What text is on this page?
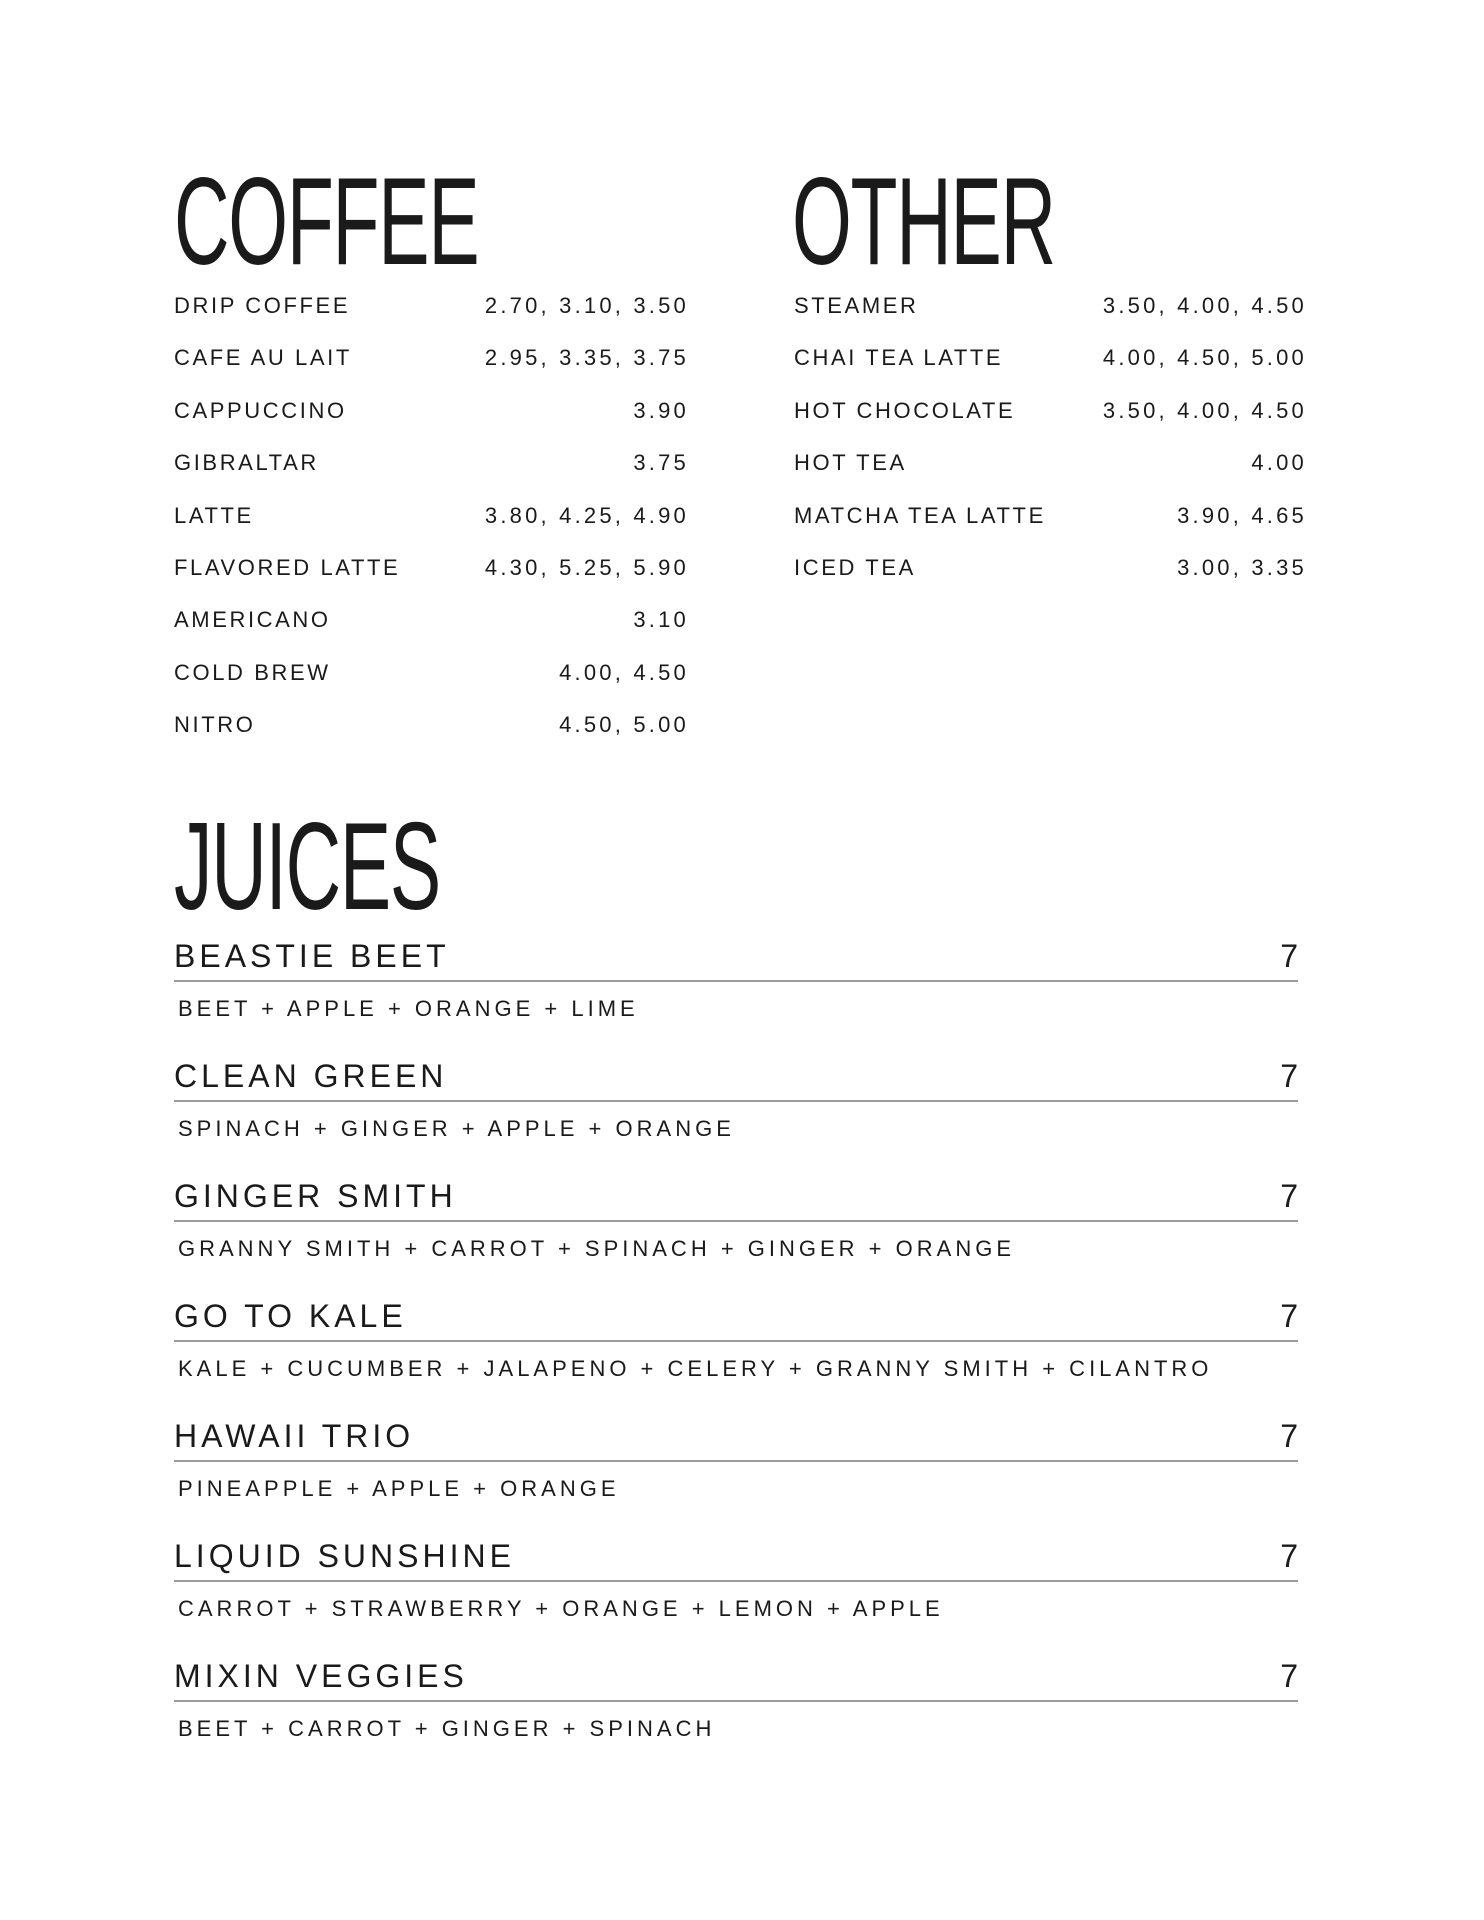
COFFEE
DRIP COFFEE	2.70, 3.10, 3.50
CAFE AU LAIT	2.95, 3.35, 3.75
CAPPUCCINO	3.90
GIBRALTAR	3.75
LATTE	3.80, 4.25, 4.90
FLAVORED LATTE	4.30, 5.25, 5.90
AMERICANO	3.10
COLD BREW	4.00, 4.50
NITRO	4.50, 5.00
OTHER
STEAMER	3.50, 4.00, 4.50
CHAI TEA LATTE	4.00, 4.50, 5.00
HOT CHOCOLATE	3.50, 4.00, 4.50
HOT TEA	4.00
MATCHA TEA LATTE	3.90, 4.65
ICED TEA	3.00, 3.35
JUICES
BEASTIE BEET	7
BEET + APPLE + ORANGE + LIME
CLEAN GREEN	7
SPINACH + GINGER + APPLE + ORANGE
GINGER SMITH	7
GRANNY SMITH + CARROT + SPINACH + GINGER + ORANGE
GO TO KALE	7
KALE + CUCUMBER + JALAPENO + CELERY + GRANNY SMITH + CILANTRO
HAWAII TRIO	7
PINEAPPLE + APPLE + ORANGE
LIQUID SUNSHINE	7
CARROT + STRAWBERRY + ORANGE + LEMON + APPLE
MIXIN VEGGIES	7
BEET + CARROT + GINGER + SPINACH
